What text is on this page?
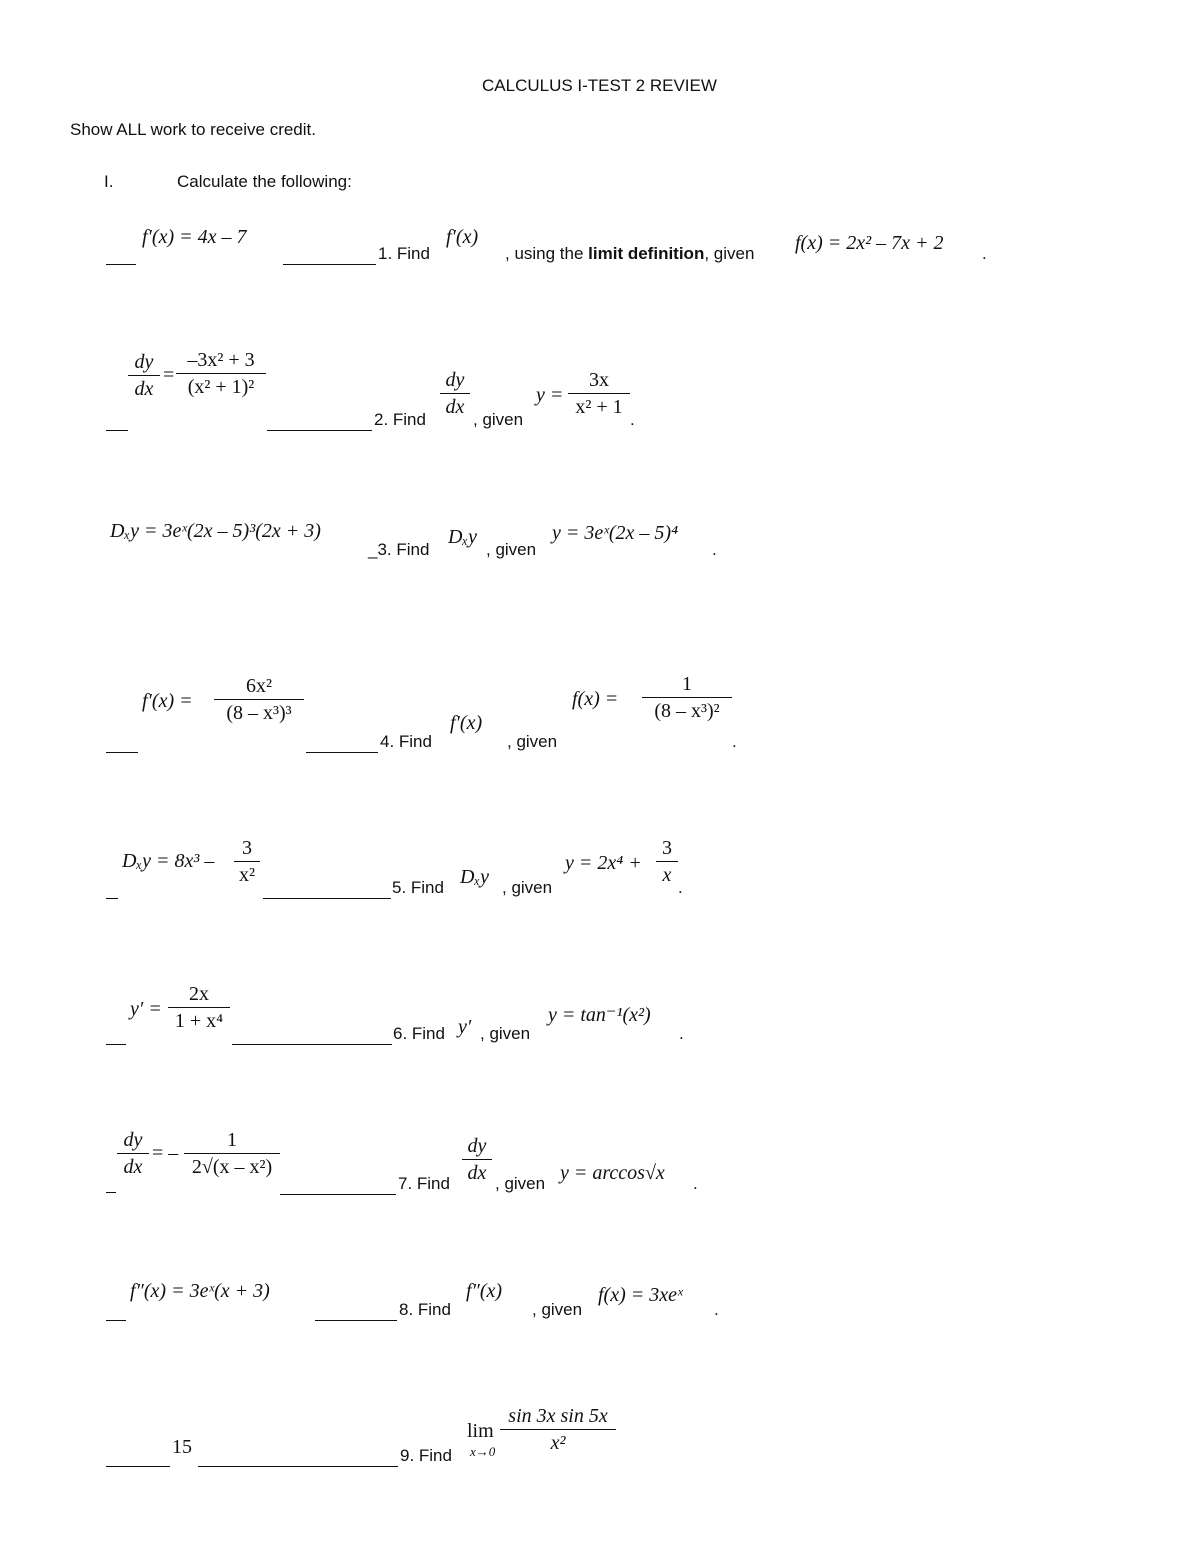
CALCULUS I-TEST 2 REVIEW
Show ALL work to receive credit.
I.	Calculate the following:
f′(x) = 4x – 7
1. Find
f′(x)
, using the limit definition, given f(x) = 2x² – 7x + 2 .
dy
dx
=
–3x² + 3
(x² + 1)²
2. Find
dy
dx
, given
y =
3x
x² + 1
.
Dₓy = 3eˣ(2x – 5)³(2x + 3)
_3. Find
Dₓy
, given
y = 3eˣ(2x – 5)⁴
.
f′(x) =
6x²
(8 – x³)³
4. Find
f′(x)
, given
f(x) =
1
(8 – x³)²
.
Dₓy = 8x³ –
3
x²
5. Find Dₓy , given
y = 2x⁴ +
3
x
.
y′ =
2x
1 + x⁴
6. Find y′ , given
y = tan⁻¹(x²)
.
dy
dx
= –
1
2√(x – x²)
7. Find
dy
dx , given y = arccos√x .
f″(x) = 3eˣ(x + 3)
8. Find
f″(x)
, given
f(x) = 3xeˣ
.
15	9. Find
lim
x→0
sin 3x sin 5x
x²
